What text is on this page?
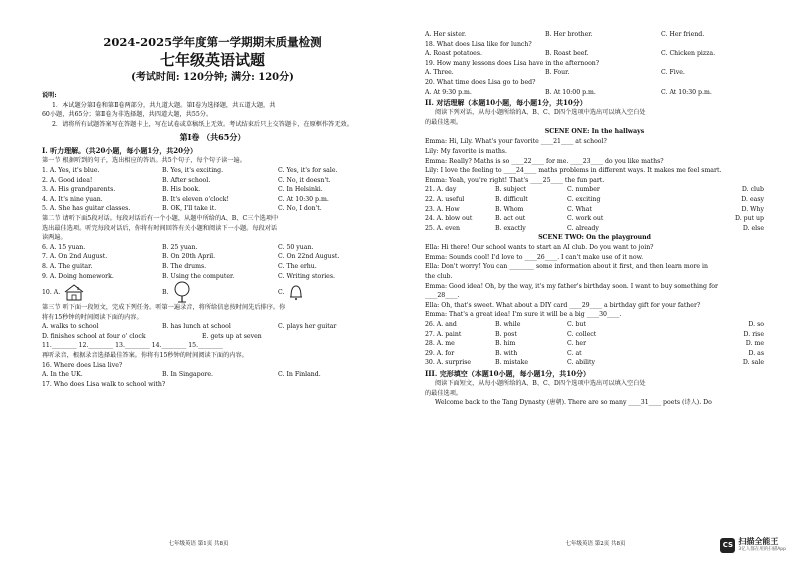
2024-2025学年度第一学期期末质量检测
七年级英语试题
(考试时间: 120分钟; 满分: 120分)
说明:
1．本试题分第Ⅰ卷和第Ⅱ卷两部分，共九道大题。第Ⅰ卷为选择题，共五道大题，共
60小题，共65分；第Ⅱ卷为非选择题，共四道大题，共55分。
2．请将所有试题答案写在答题卡上，写在试卷或草稿纸上无效。考试结束后只上交答题卡，在原框作答无效。
第Ⅰ卷 （共65分）
Ⅰ. 听力理解。（共20小题，每小题1分，共20分）
第一节 根据听到的句子，选出相应的答语。共5个句子，每个句子读一遍。
1. A. Yes, it's blue.	B. Yes, it's exciting.	C. Yes, it's for sale.
2. A. Good idea!	B. After school.	C. No, it doesn't.
3. A. His grandparents.	B. His book.	C. In Helsinki.
4. A. It's nine yuan.	B. It's eleven o'clock!	C. At 10:30 p.m.
5. A. She has guitar classes.	B. OK, I'll take it.	C. No, I don't.
第二节 请听下面5段对话。每段对话后有一个小题，从题中所给的A、B、C三个选项中
选出最佳选项。听完每段对话后，你将有时间回答有关小题和阅读下一小题。每段对话
读两遍。
6. A. 15 yuan.	B. 25 yuan.	C. 50 yuan.
7. A. On 2nd August.	B. On 20th April.	C. On 22nd August.
8. A. The guitar.	B. The drums.	C. The erhu.
9. A. Doing homework.	B. Using the computer.	C. Writing stories.
10. A.	B.	C.
第三节 听下面一段短文，完成下列任务。听第一遍录音，将所给信息按时间先后排序。你
将有15秒钟的时间阅读下面的内容。
A. walks to school	B. has lunch at school	C. plays her guitar
D. finishes school at four o' clock	E. gets up at seven
11.________ 12.________ 13.________ 14.________ 15.________
再听录音，根据录音选择最佳答案。你将有15秒钟的时间阅读下面的内容。
16. Where does Lisa live?
A. In the UK.	B. In Singapore.	C. In Finland.
17. Who does Lisa walk to school with?
七年级英语 第1页 共8页
A. Her sister.	B. Her brother.	C. Her friend.
18. What does Lisa like for lunch?
A. Roast potatoes.	B. Roast beef.	C. Chicken pizza.
19. How many lessons does Lisa have in the afternoon?
A. Three.	B. Four.	C. Five.
20. What time does Lisa go to bed?
A. At 9:30 p.m.	B. At 10:00 p.m.	C. At 10:30 p.m.
II. 对话理解（本题10小题，每小题1分，共10分）
阅读下列对话，从每小题所给的A、B、C、D四个选项中选出可以填入空白处
的最佳选项。
SCENE ONE: In the hallways
Emma: Hi, Lily. What's your favorite ____21____ at school?
Lily: My favorite is maths.
Emma: Really? Maths is so ____22____ for me. ____23____ do you like maths?
Lily: I love the feeling to ____24____ maths problems in different ways. It makes me feel smart.
Emma: Yeah, you're right! That's ____25____ the fun part.
21. A. day	B. subject	C. number	D. club
22. A. useful	B. difficult	C. exciting	D. easy
23. A. How	B. Whom	C. What	D. Why
24. A. blow out	B. act out	C. work out	D. put up
25. A. even	B. exactly	C. already	D. else
SCENE TWO: On the playground
Ella: Hi there! Our school wants to start an AI club. Do you want to join?
Emma: Sounds cool! I'd love to ____26____. I can't make use of it now.
Ella: Don't worry! You can ________ some information about it first, and then learn more in
the club.
Emma: Good idea! Oh, by the way, it's my father's birthday soon. I want to buy something for
____28____.
Ella: Oh, that's sweet. What about a DIY card ____29____ a birthday gift for your father?
Emma: That's a great idea! I'm sure it will be a big ____30____.
26. A. and	B. while	C. but	D. so
27. A. paint	B. post	C. collect	D. rise
28. A. me	B. him	C. her	D. me
29. A. for	B. with	C. at	D. as
30. A. surprise	B. mistake	C. ability	D. sale
III. 完形填空（本题10小题，每小题1分，共10分）
阅读下面短文，从每小题所给的A、B、C、D四个选项中选出可以填入空白处
的最佳选项。
Welcome back to the Tang Dynasty (唐朝). There are so many ____31____ poets (诗人). Do
七年级英语 第2页 共8页	CS 扫描全能王
3亿人都在用的扫描App
